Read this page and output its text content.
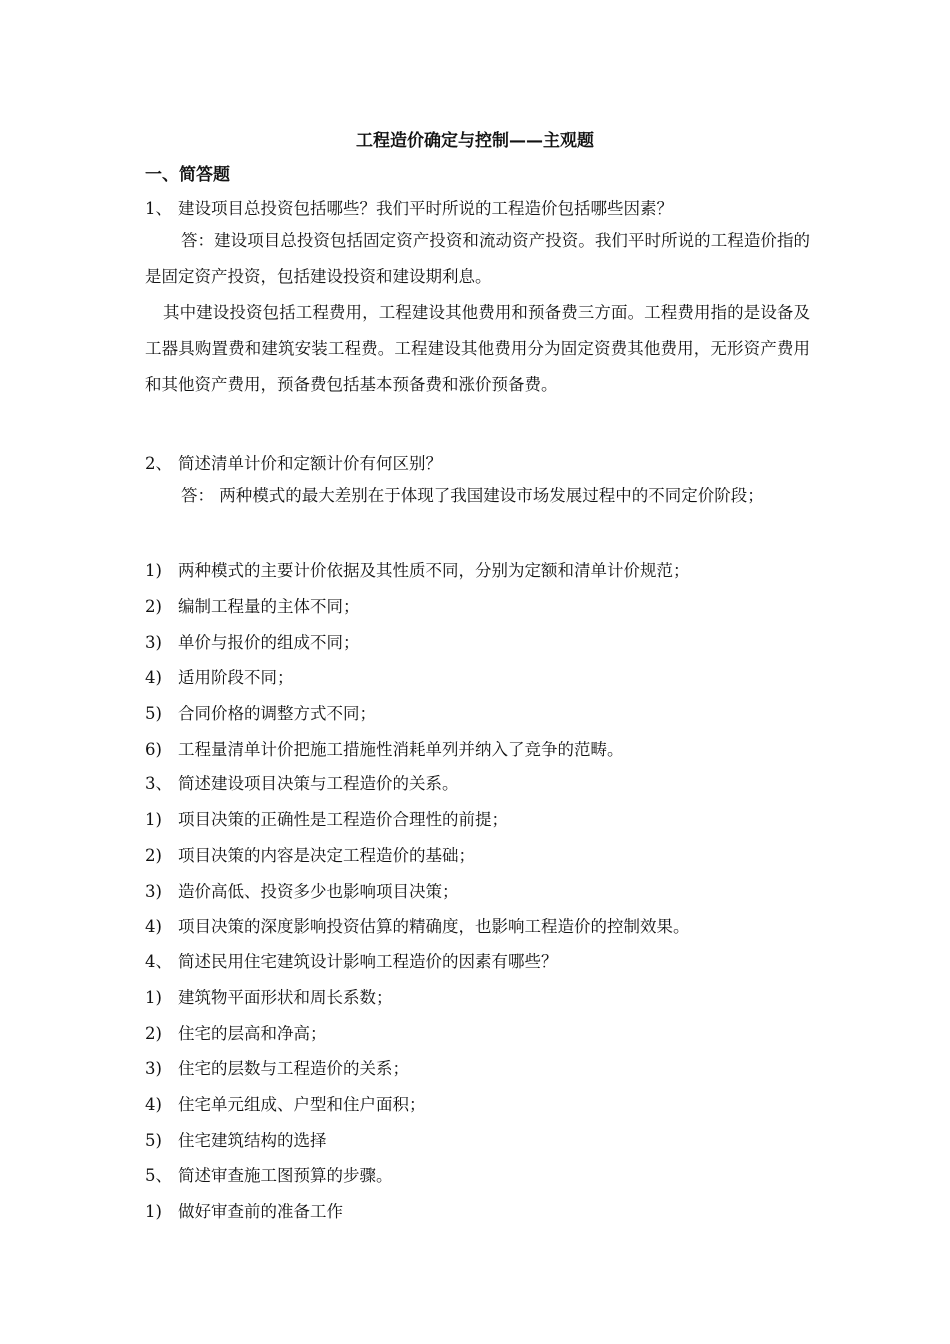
工程造价确定与控制——主观题
一、简答题
1、 建设项目总投资包括哪些？我们平时所说的工程造价包括哪些因素？
答：建设项目总投资包括固定资产投资和流动资产投资。我们平时所说的工程造价指的是固定资产投资，包括建设投资和建设期利息。
其中建设投资包括工程费用，工程建设其他费用和预备费三方面。工程费用指的是设备及工器具购置费和建筑安装工程费。工程建设其他费用分为固定资费其他费用，无形资产费用和其他资产费用，预备费包括基本预备费和涨价预备费。
2、 简述清单计价和定额计价有何区别？
答： 两种模式的最大差别在于体现了我国建设市场发展过程中的不同定价阶段；
1) 两种模式的主要计价依据及其性质不同，分别为定额和清单计价规范；
2) 编制工程量的主体不同；
3) 单价与报价的组成不同；
4) 适用阶段不同；
5) 合同价格的调整方式不同；
6) 工程量清单计价把施工措施性消耗单列并纳入了竞争的范畴。
3、 简述建设项目决策与工程造价的关系。
1) 项目决策的正确性是工程造价合理性的前提；
2) 项目决策的内容是决定工程造价的基础；
3) 造价高低、投资多少也影响项目决策；
4) 项目决策的深度影响投资估算的精确度，也影响工程造价的控制效果。
4、 简述民用住宅建筑设计影响工程造价的因素有哪些？
1) 建筑物平面形状和周长系数；
2) 住宅的层高和净高；
3) 住宅的层数与工程造价的关系；
4) 住宅单元组成、户型和住户面积；
5) 住宅建筑结构的选择
5、 简述审查施工图预算的步骤。
1) 做好审查前的准备工作
